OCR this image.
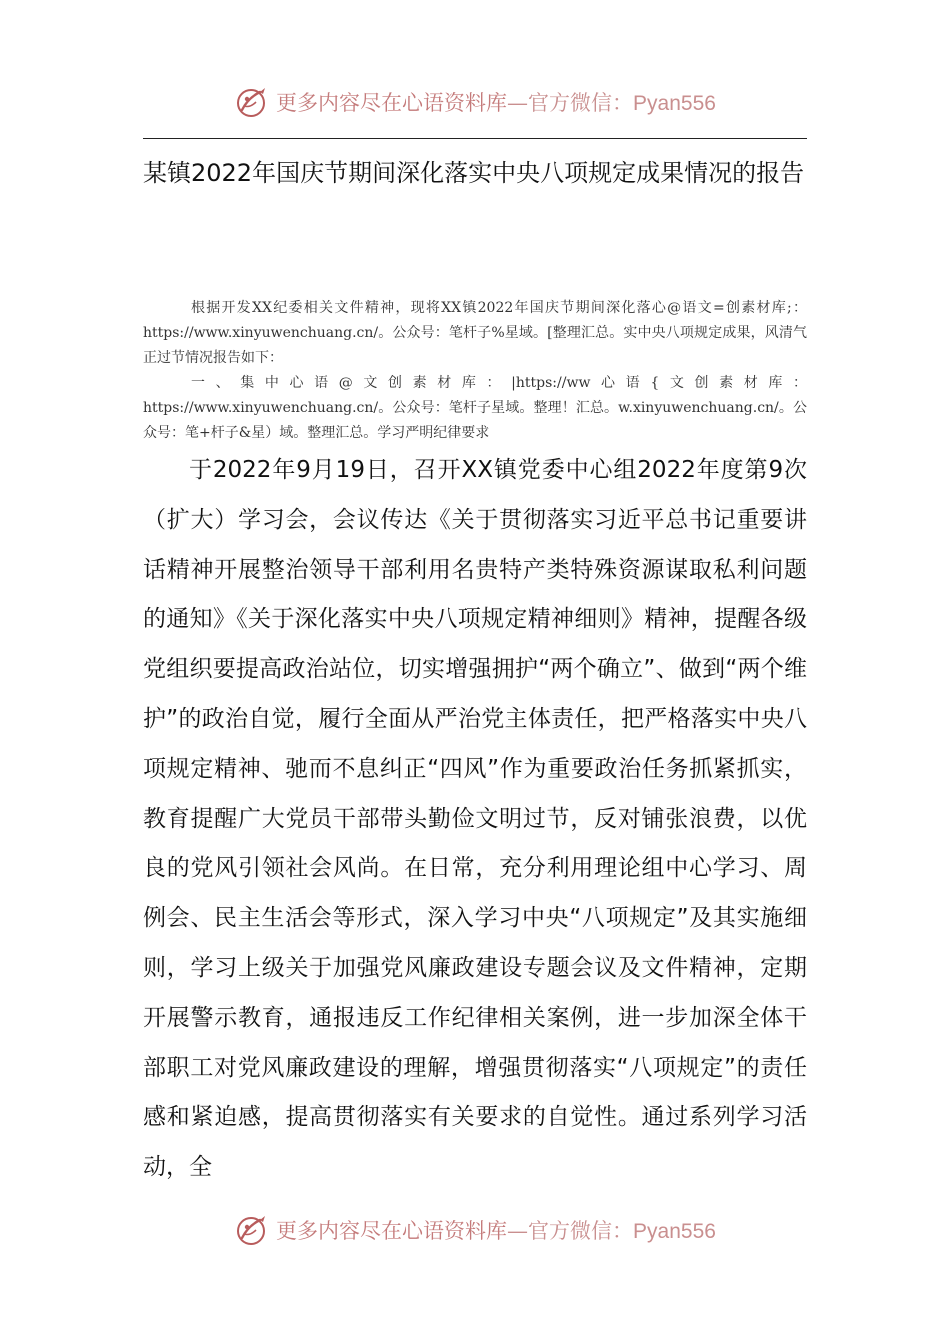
更多内容尽在心语资料库—官方微信：Pyan556
某镇2022年国庆节期间深化落实中央八项规定成果情况的报告

根据开发XX纪委相关文件精神，现将XX镇2022年国庆节期间深化落心@语文=创素材库;：https://www.xinyuwenchuang.cn/。公众号：笔杆子%星域。[整理汇总。实中央八项规定成果，风清气正过节情况报告如下：

一、集中心语@文创素材库：|https://ww心语{文创素材库：https://www.xinyuwenchuang.cn/。公众号：笔杆子星域。整理！汇总。w.xinyuwenchuang.cn/。公众号：笔+杆子&星）域。整理汇总。学习严明纪律要求

于2022年9月19日，召开XX镇党委中心组2022年度第9次（扩大）学习会，会议传达《关于贯彻落实习近平总书记重要讲话精神开展整治领导干部利用名贵特产类特殊资源谋取私利问题的通知》《关于深化落实中央八项规定精神细则》精神，提醒各级党组织要提高政治站位，切实增强拥护“两个确立”、做到“两个维护”的政治自觉，履行全面从严治党主体责任，把严格落实中央八项规定精神、驰而不息纠正“四风”作为重要政治任务抓紧抓实，教育提醒广大党员干部带头勤俭文明过节，反对铺张浪费，以优良的党风引领社会风尚。在日常，充分利用理论组中心学习、周例会、民主生活会等形式，深入学习中央“八项规定”及其实施细则，学习上级关于加强党风廉政建设专题会议及文件精神，定期开展警示教育，通报违反工作纪律相关案例，进一步加深全体干部职工对党风廉政建设的理解，增强贯彻落实“八项规定”的责任感和紧迫感，提高贯彻落实有关要求的自觉性。通过系列学习活动，全

更多内容尽在心语资料库—官方微信：Pyan556
